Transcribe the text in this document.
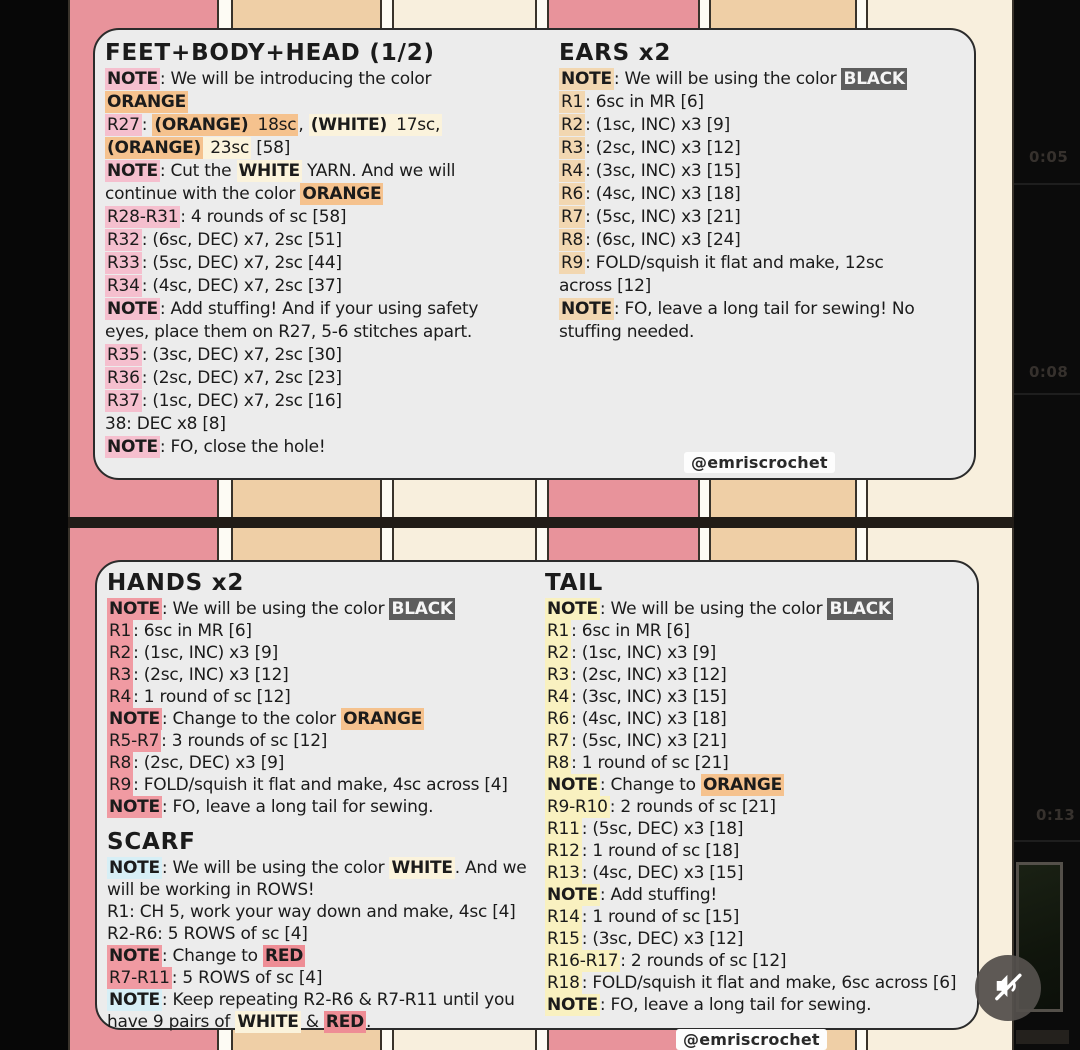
FEET+BODY+HEAD (1/2)
NOTE : We will be introducing the color
ORANGE
R27 : (ORANGE) 18sc , (WHITE) 17sc,
(ORANGE) 23sc [58]
NOTE : Cut the WHITE YARN. And we will
continue with the color ORANGE
R28-R31 : 4 rounds of sc [58]
R32 : (6sc, DEC) x7, 2sc [51]
R33 : (5sc, DEC) x7, 2sc [44]
R34 : (4sc, DEC) x7, 2sc [37]
NOTE : Add stuffing! And if your using safety
eyes, place them on R27, 5-6 stitches apart.
R35 : (3sc, DEC) x7, 2sc [30]
R36 : (2sc, DEC) x7, 2sc [23]
R37 : (1sc, DEC) x7, 2sc [16]
38: DEC x8 [8]
NOTE : FO, close the hole!
EARS x2
NOTE : We will be using the color BLACK
R1 : 6sc in MR [6]
R2 : (1sc, INC) x3 [9]
R3 : (2sc, INC) x3 [12]
R4 : (3sc, INC) x3 [15]
R6 : (4sc, INC) x3 [18]
R7 : (5sc, INC) x3 [21]
R8 : (6sc, INC) x3 [24]
R9 : FOLD/squish it flat and make, 12sc
across [12]
NOTE : FO, leave a long tail for sewing! No
stuffing needed.
@emriscrochet
HANDS x2
NOTE : We will be using the color BLACK
R1 : 6sc in MR [6]
R2 : (1sc, INC) x3 [9]
R3 : (2sc, INC) x3 [12]
R4 : 1 round of sc [12]
NOTE : Change to the color ORANGE
R5-R7 : 3 rounds of sc [12]
R8 : (2sc, DEC) x3 [9]
R9 : FOLD/squish it flat and make, 4sc across [4]
NOTE : FO, leave a long tail for sewing.
SCARF
NOTE : We will be using the color WHITE . And we
will be working in ROWS!
R1: CH 5, work your way down and make, 4sc [4]
R2-R6: 5 ROWS of sc [4]
NOTE : Change to RED
R7-R11 : 5 ROWS of sc [4]
NOTE : Keep repeating R2-R6 & R7-R11 until you
have 9 pairs of WHITE & RED .
TAIL
NOTE : We will be using the color BLACK
R1 : 6sc in MR [6]
R2 : (1sc, INC) x3 [9]
R3 : (2sc, INC) x3 [12]
R4 : (3sc, INC) x3 [15]
R6 : (4sc, INC) x3 [18]
R7 : (5sc, INC) x3 [21]
R8 : 1 round of sc [21]
NOTE : Change to ORANGE
R9-R10 : 2 rounds of sc [21]
R11 : (5sc, DEC) x3 [18]
R12 : 1 round of sc [18]
R13 : (4sc, DEC) x3 [15]
NOTE : Add stuffing!
R14 : 1 round of sc [15]
R15 : (3sc, DEC) x3 [12]
R16-R17 : 2 rounds of sc [12]
R18 : FOLD/squish it flat and make, 6sc across [6]
NOTE : FO, leave a long tail for sewing.
@emriscrochet
0:05
0:08
0:13
